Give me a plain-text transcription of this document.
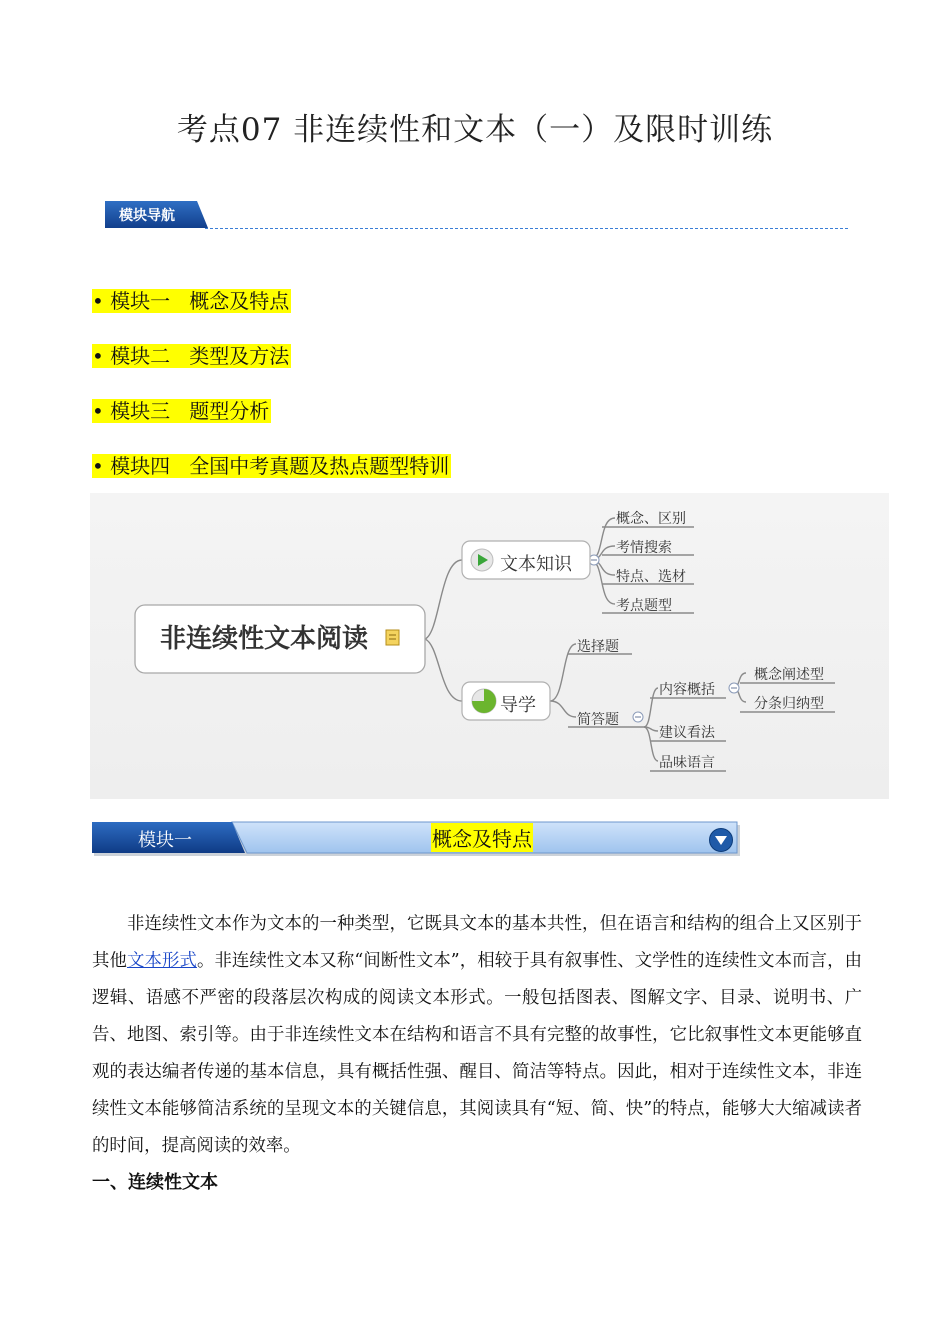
考点07 非连续性和文本（一）及限时训练
模块导航
• 模块一   概念及特点
• 模块二   类型及方法
• 模块三   题型分析
• 模块四   全国中考真题及热点题型特训
非连续性文本阅读
文本知识
概念、区别
考情搜索
特点、选材
考点题型
导学
选择题
简答题
内容概括
建议看法
品味语言
概念阐述型
分条归纳型
模块一	概念及特点
非连续性文本作为文本的一种类型，它既具文本的基本共性，但在语言和结构的组合上又区别于其他文本形式。非连续性文本又称“间断性文本”，相较于具有叙事性、文学性的连续性文本而言，由逻辑、语感不严密的段落层次构成的阅读文本形式。一般包括图表、图解文字、目录、说明书、广告、地图、索引等。由于非连续性文本在结构和语言不具有完整的故事性，它比叙事性文本更能够直观的表达编者传递的基本信息，具有概括性强、醒目、简洁等特点。因此，相对于连续性文本，非连续性文本能够简洁系统的呈现文本的关键信息，其阅读具有“短、简、快”的特点，能够大大缩减读者的时间，提高阅读的效率。
一、连续性文本
